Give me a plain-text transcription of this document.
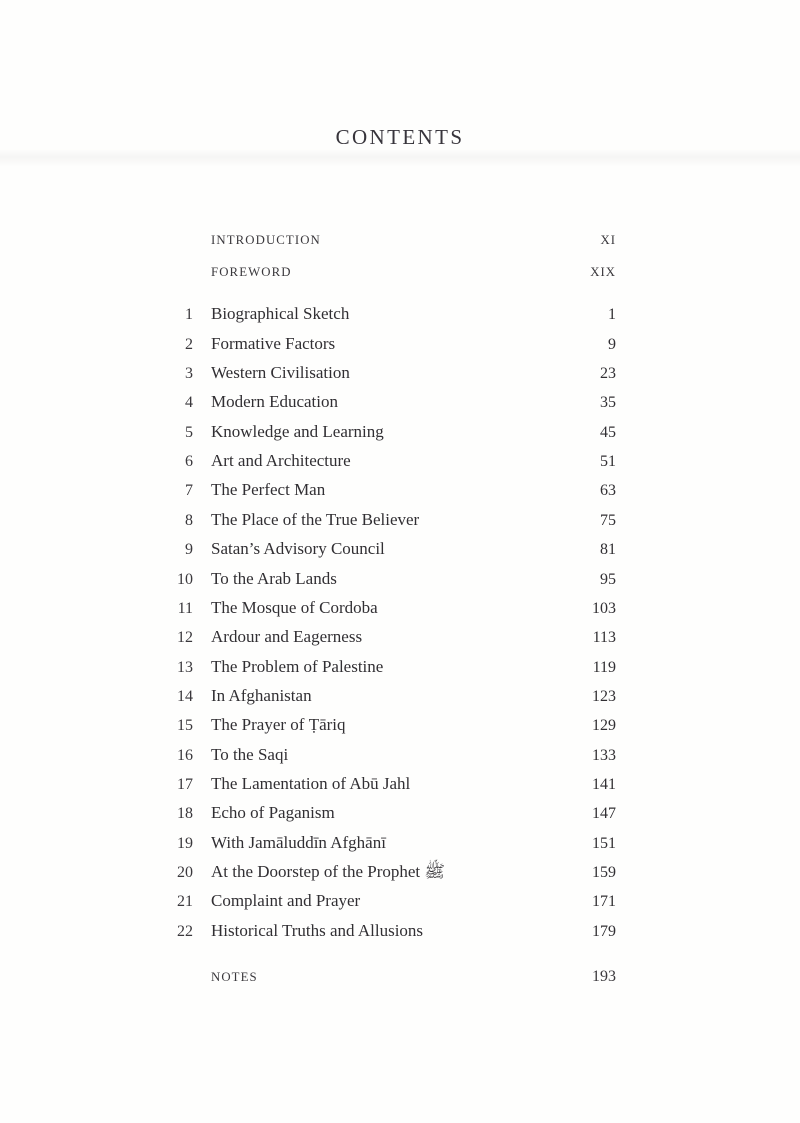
CONTENTS
INTRODUCTION	XI
FOREWORD	XIX
1 Biographical Sketch	1
2 Formative Factors	9
3 Western Civilisation	23
4 Modern Education	35
5 Knowledge and Learning	45
6 Art and Architecture	51
7 The Perfect Man	63
8 The Place of the True Believer	75
9 Satan’s Advisory Council	81
10 To the Arab Lands	95
11 The Mosque of Cordoba	103
12 Ardour and Eagerness	113
13 The Problem of Palestine	119
14 In Afghanistan	123
15 The Prayer of Ṭāriq	129
16 To the Saqi	133
17 The Lamentation of Abū Jahl	141
18 Echo of Paganism	147
19 With Jamāluddīn Afghānī	151
20 At the Doorstep of the Prophet ﷺ	159
21 Complaint and Prayer	171
22 Historical Truths and Allusions	179
NOTES	193
